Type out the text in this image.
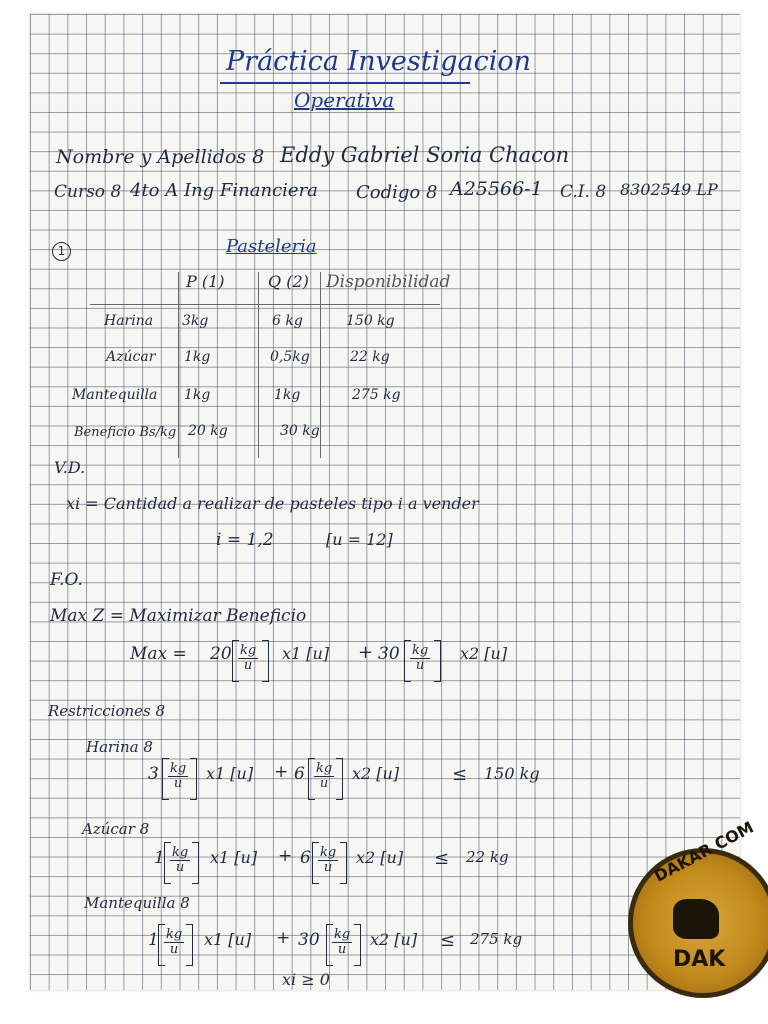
Práctica Investigacion
Operativa
Nombre y Apellidos 8 Eddy Gabriel Soria Chacon
Curso 8 4to A Ing Financiera Codigo 8 A25566-1 C.I. 8 8302549 LP
1	Pasteleria
P (1)	Q (2) Disponibilidad
Harina 3kg	6 kg	150 kg
Azúcar 1kg	0,5kg	22 kg
Mantequilla 1kg	1kg	275 kg
Beneficio Bs/kg 20 kg	30 kg
V.D.
xi = Cantidad a realizar de pasteles tipo i a vender
i = 1,2	[u = 12]
F.O.
Max Z = Maximizar Beneficio
Max = $20 \frac{kg}{u} x1$ $[u] + 30 \frac{kg}{u} x2$ [u]
Restricciones 8
Harina 8
$3 \frac{kg}{u} x1$ $[u] + 6 \frac{kg}{u} x2$ [u]	≤ 150 kg
Azúcar 8
$1 \frac{kg}{u} x1$ $[u] + 6 \frac{kg}{u} x2$ [u] ≤ 22 kg
Mantequilla 8
$1 \frac{kg}{u} x1$ $[u] + 30 \frac{kg}{u} x2$ [u] ≤ 275 kg
xi ≥ 0
DAKAR COM
DAK
